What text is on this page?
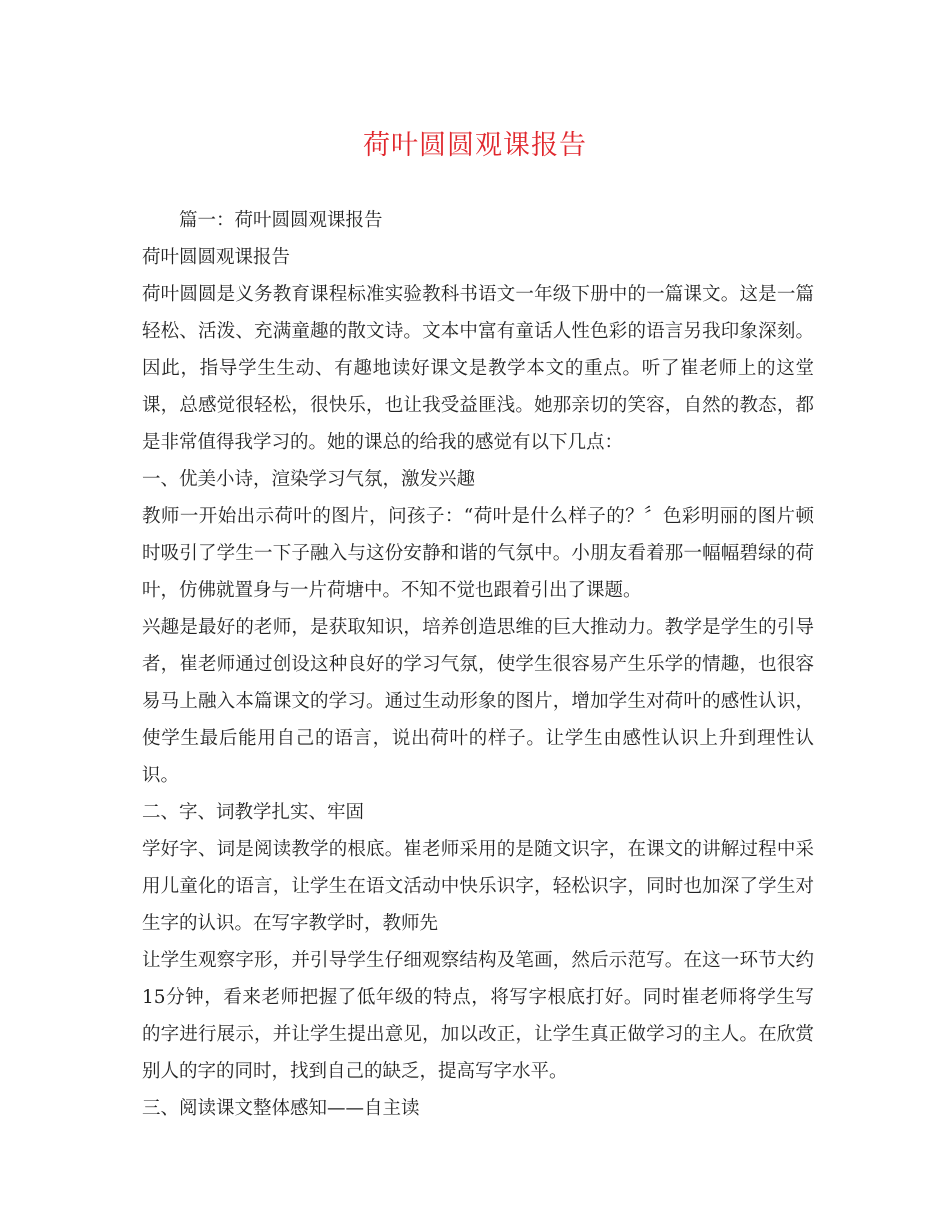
荷叶圆圆观课报告
篇一：荷叶圆圆观课报告
荷叶圆圆观课报告
荷叶圆圆是义务教育课程标准实验教科书语文一年级下册中的一篇课文。这是一篇
轻松、活泼、充满童趣的散文诗。文本中富有童话人性色彩的语言另我印象深刻。
因此，指导学生生动、有趣地读好课文是教学本文的重点。听了崔老师上的这堂
课，总感觉很轻松，很快乐，也让我受益匪浅。她那亲切的笑容，自然的教态，都
是非常值得我学习的。她的课总的给我的感觉有以下几点：
一、优美小诗，渲染学习气氛，激发兴趣
教师一开始出示荷叶的图片，问孩子：“荷叶是什么样子的？〞色彩明丽的图片顿
时吸引了学生一下子融入与这份安静和谐的气氛中。小朋友看着那一幅幅碧绿的荷
叶，仿佛就置身与一片荷塘中。不知不觉也跟着引出了课题。
兴趣是最好的老师，是获取知识，培养创造思维的巨大推动力。教学是学生的引导
者，崔老师通过创设这种良好的学习气氛，使学生很容易产生乐学的情趣，也很容
易马上融入本篇课文的学习。通过生动形象的图片，增加学生对荷叶的感性认识，
使学生最后能用自己的语言，说出荷叶的样子。让学生由感性认识上升到理性认
识。
二、字、词教学扎实、牢固
学好字、词是阅读教学的根底。崔老师采用的是随文识字，在课文的讲解过程中采
用儿童化的语言，让学生在语文活动中快乐识字，轻松识字，同时也加深了学生对
生字的认识。在写字教学时，教师先
让学生观察字形，并引导学生仔细观察结构及笔画，然后示范写。在这一环节大约
15分钟，看来老师把握了低年级的特点，将写字根底打好。同时崔老师将学生写
的字进行展示，并让学生提出意见，加以改正，让学生真正做学习的主人。在欣赏
别人的字的同时，找到自己的缺乏，提高写字水平。
三、阅读课文整体感知——自主读
